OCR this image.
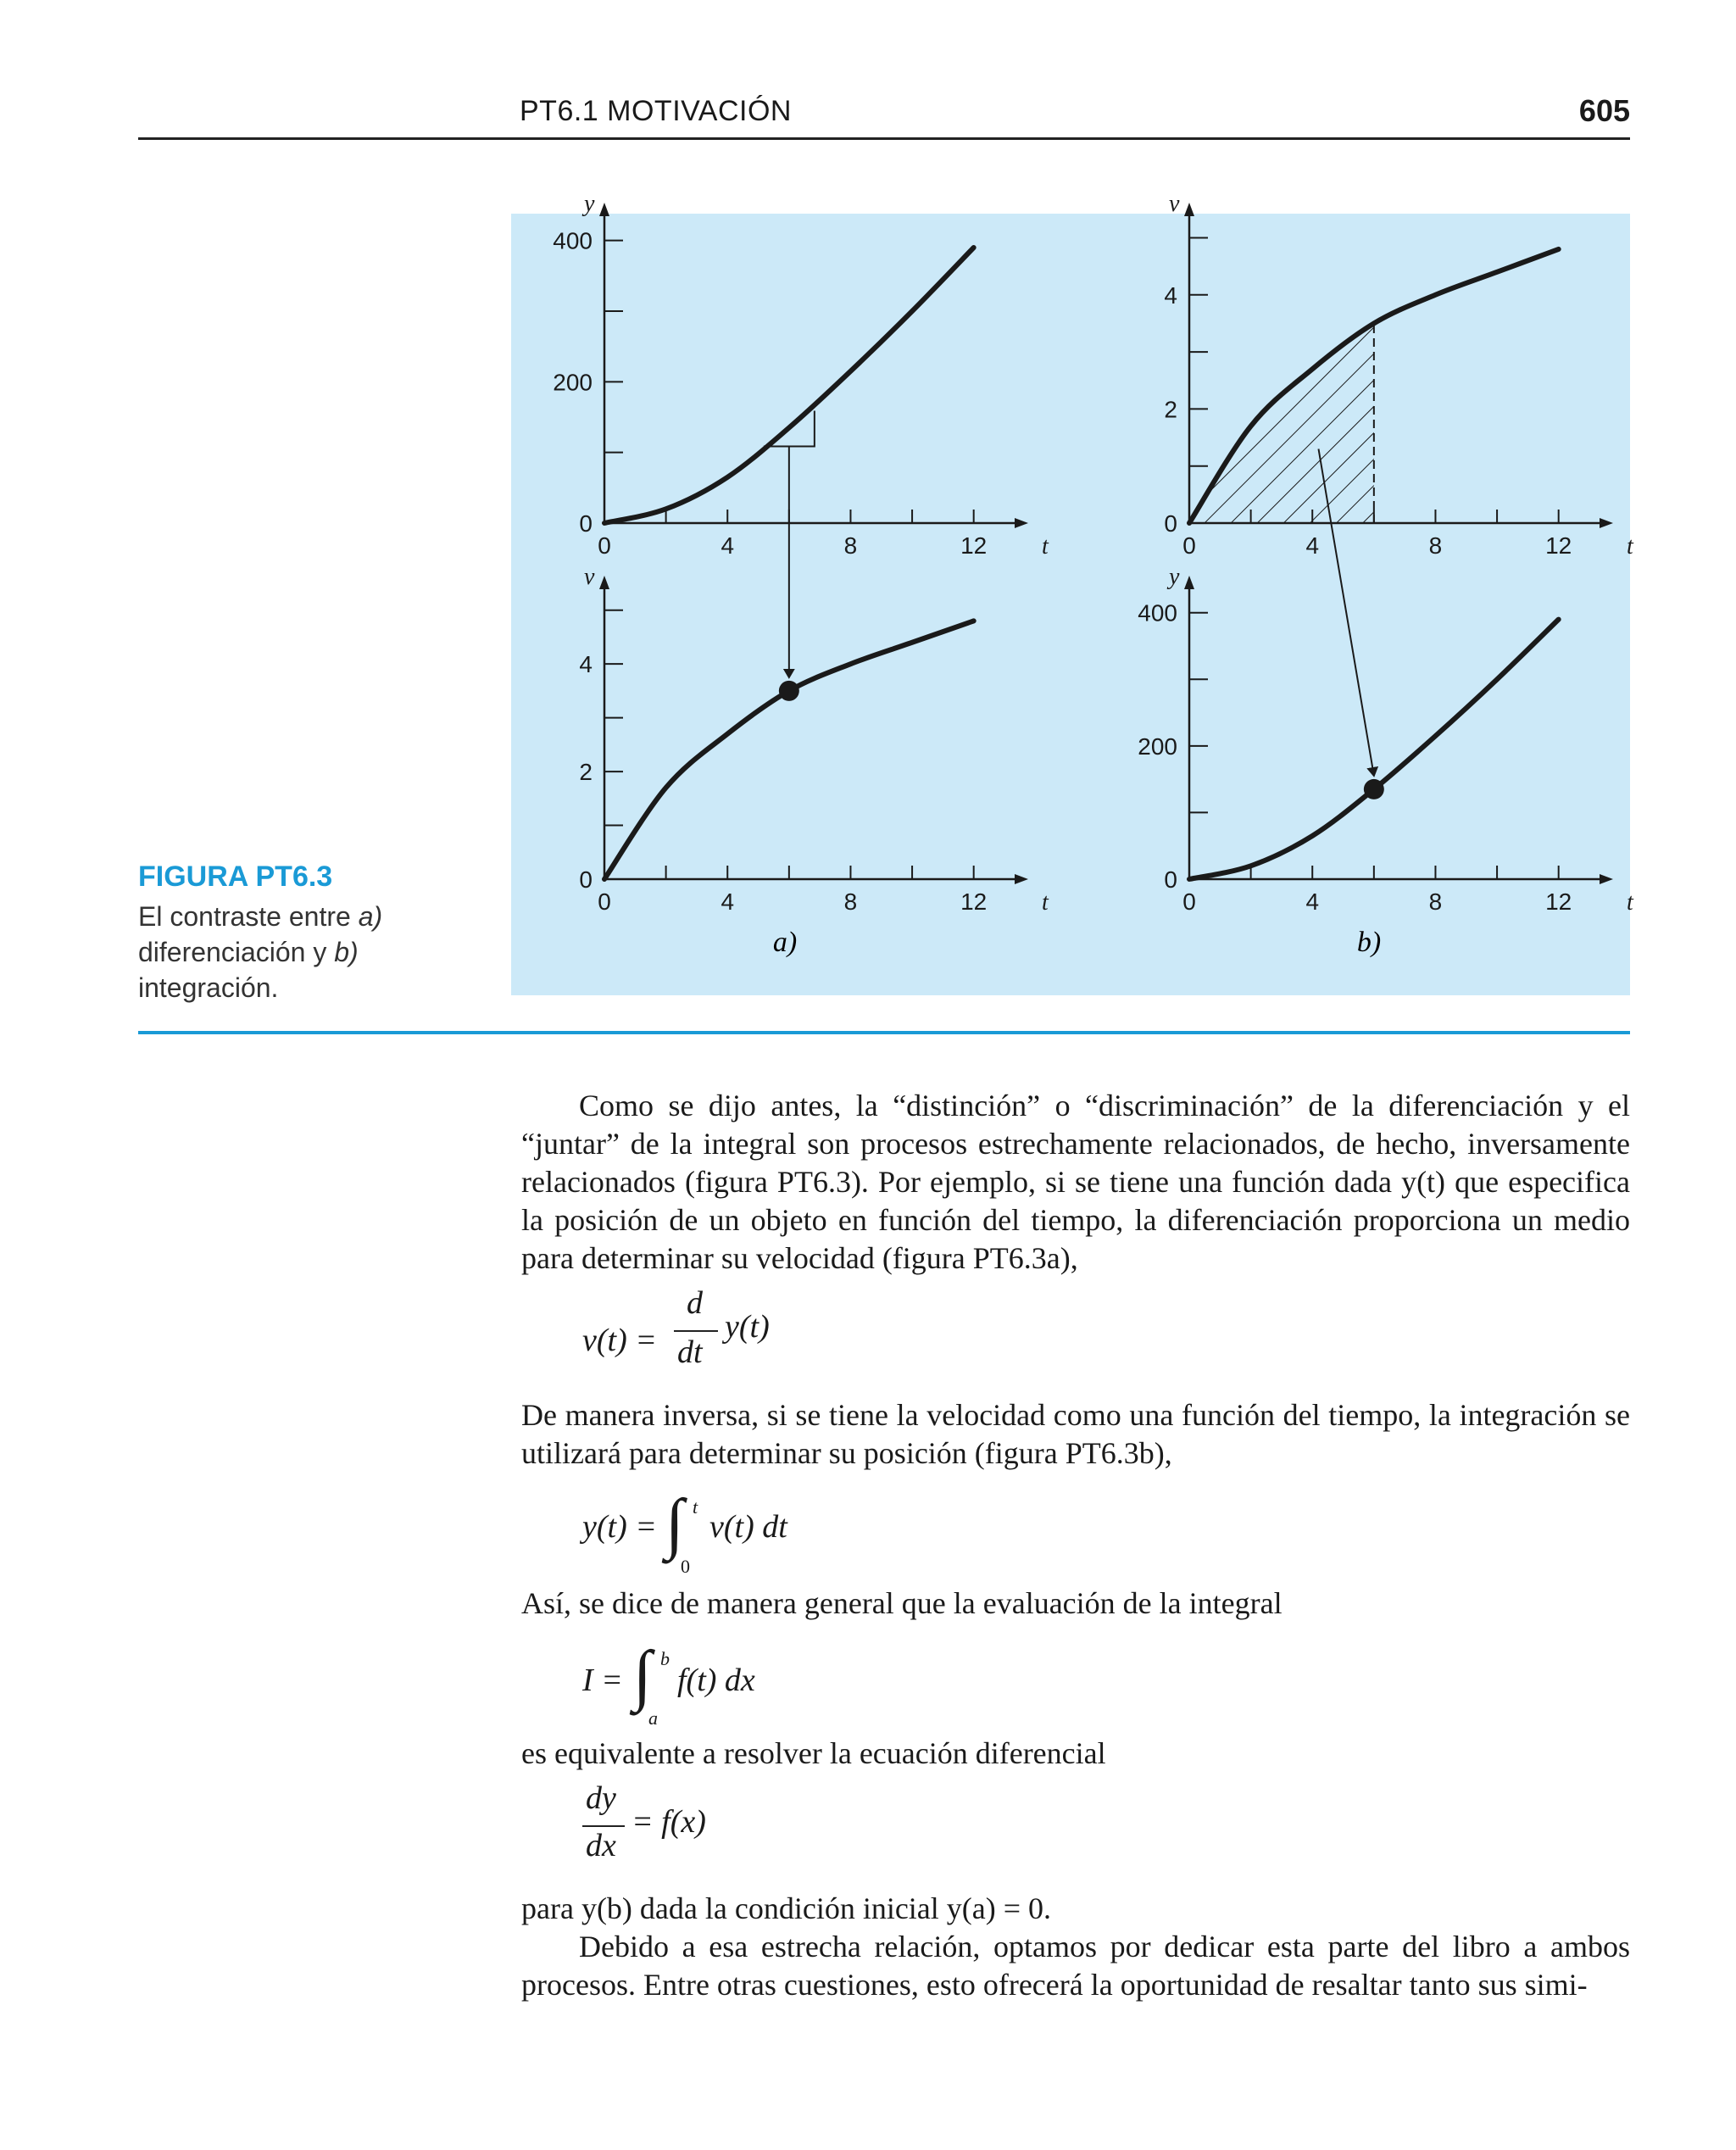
PT6.1 MOTIVACIÓN	605
FIGURA PT6.3
El contraste entre a) diferenciación y b) integración.
0	4	8	12
0
200
400
t
y
0	4	8	12
0
2
4
t
v
0	4	8	12
0
2
4
t
v
0	4	8	12
0
200
400
t
y
a)	b)

Como se dijo antes, la “distinción” o “discriminación” de la diferenciación y el “juntar” de la integral son procesos estrechamente relacionados, de hecho, inversamente relacionados (figura PT6.3). Por ejemplo, si se tiene una función dada y(t) que especifica la posición de un objeto en función del tiempo, la diferenciación proporciona un medio para determinar su velocidad (figura PT6.3a),

v(t) =
d
dt
y(t)

De manera inversa, si se tiene la velocidad como una función del tiempo, la integración se utilizará para determinar su posición (figura PT6.3b),

y(t) = ∫ t
0
v(t) dt

Así, se dice de manera general que la evaluación de la integral

I = ∫ b
a
f(t) dx

es equivalente a resolver la ecuación diferencial

dy
dx
= f(x)

para y(b) dada la condición inicial y(a) = 0.

Debido a esa estrecha relación, optamos por dedicar esta parte del libro a ambos procesos. Entre otras cuestiones, esto ofrecerá la oportunidad de resaltar tanto sus simi-
